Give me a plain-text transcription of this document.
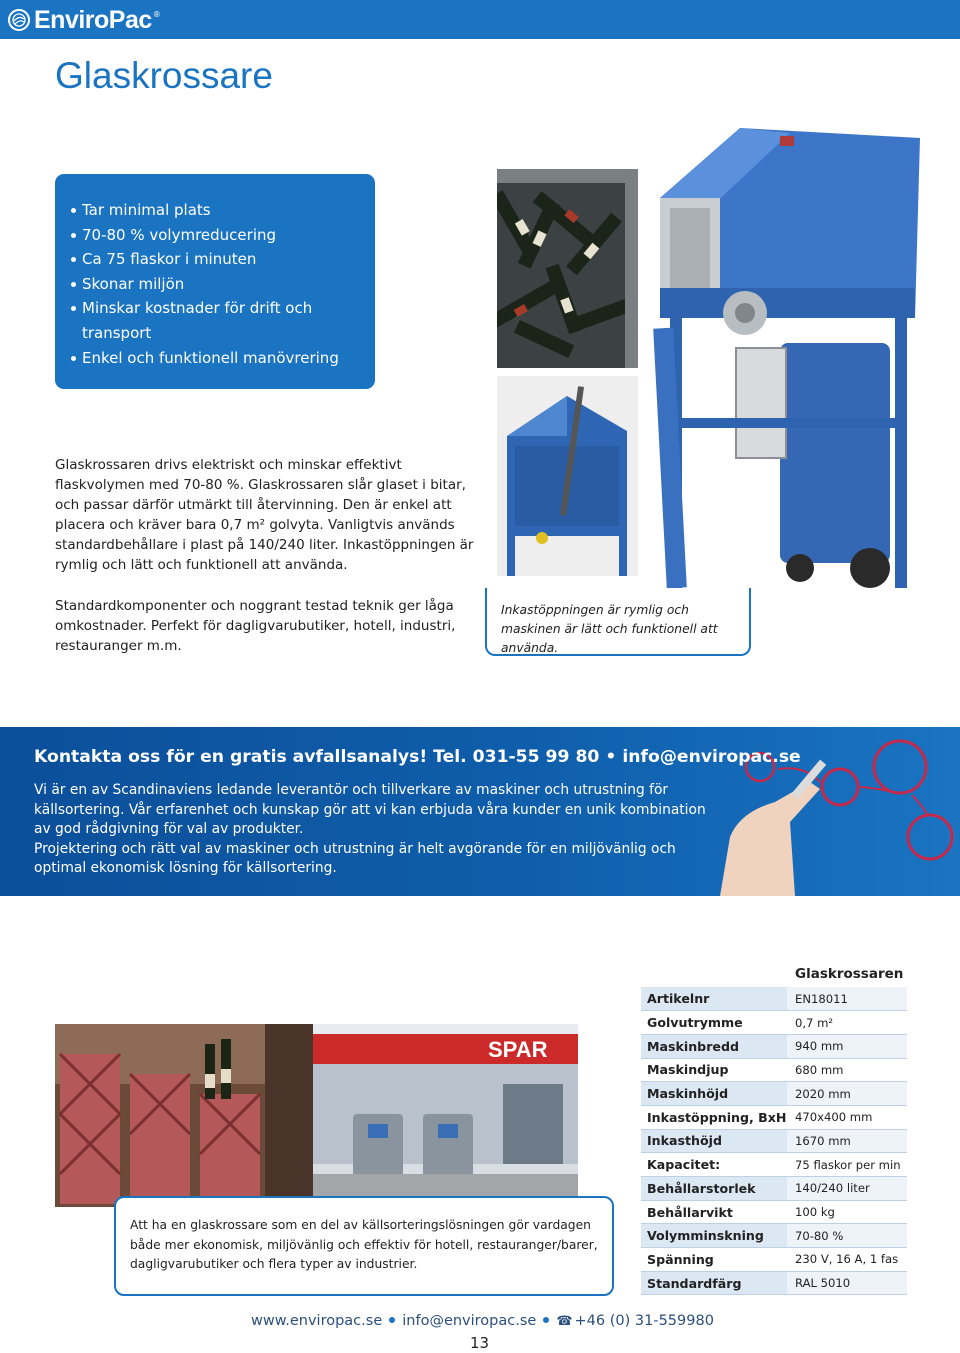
EnviroPac ®
Glaskrossare
Tar minimal plats
70-80 % volymreducering
Ca 75 flaskor i minuten
Skonar miljön
Minskar kostnader för drift och transport
Enkel och funktionell manövrering

Glaskrossaren drivs elektriskt och minskar effektivt flaskvolymen med 70-80 %. Glaskrossaren slår glaset i bitar, och passar därför utmärkt till återvinning. Den är enkel att placera och kräver bara 0,7 m² golvyta. Vanligtvis används standardbehållare i plast på 140/240 liter. Inkastöppningen är rymlig och lätt och funktionell att använda.

Standardkomponenter och noggrant testad teknik ger låga omkostnader. Perfekt för dagligvarubutiker, hotell, industri, restauranger m.m.

Inkastöppningen är rymlig och maskinen är lätt och funktionell att använda.
Kontakta oss för en gratis avfallsanalys! Tel. 031-55 99 80 • info@enviropac.se

Vi är en av Scandinaviens ledande leverantör och tillverkare av maskiner och utrustning för källsortering. Vår erfarenhet och kunskap gör att vi kan erbjuda våra kunder en unik kombination av god rådgivning för val av produkter.

Projektering och rätt val av maskiner och utrustning är helt avgörande för en miljövänlig och optimal ekonomisk lösning för källsortering.

SPAR
Att ha en glaskrossare som en del av källsorteringslösningen gör vardagen både mer ekonomisk, miljövänlig och effektiv för hotell, restauranger/barer, dagligvarubutiker och flera typer av industrier.
Glaskrossaren
Artikelnr	EN18011
Golvutrymme	0,7 m²
Maskinbredd	940 mm
Maskindjup	680 mm
Maskinhöjd	2020 mm
Inkastöppning, BxH	470x400 mm
Inkasthöjd	1670 mm
Kapacitet:	75 flaskor per min
Behållarstorlek	140/240 liter
Behållarvikt	100 kg
Volymminskning	70-80 %
Spänning	230 V, 16 A, 1 fas
Standardfärg	RAL 5010
www.enviropac.se info@enviropac.se ☎ +46 (0) 31-559980
13
